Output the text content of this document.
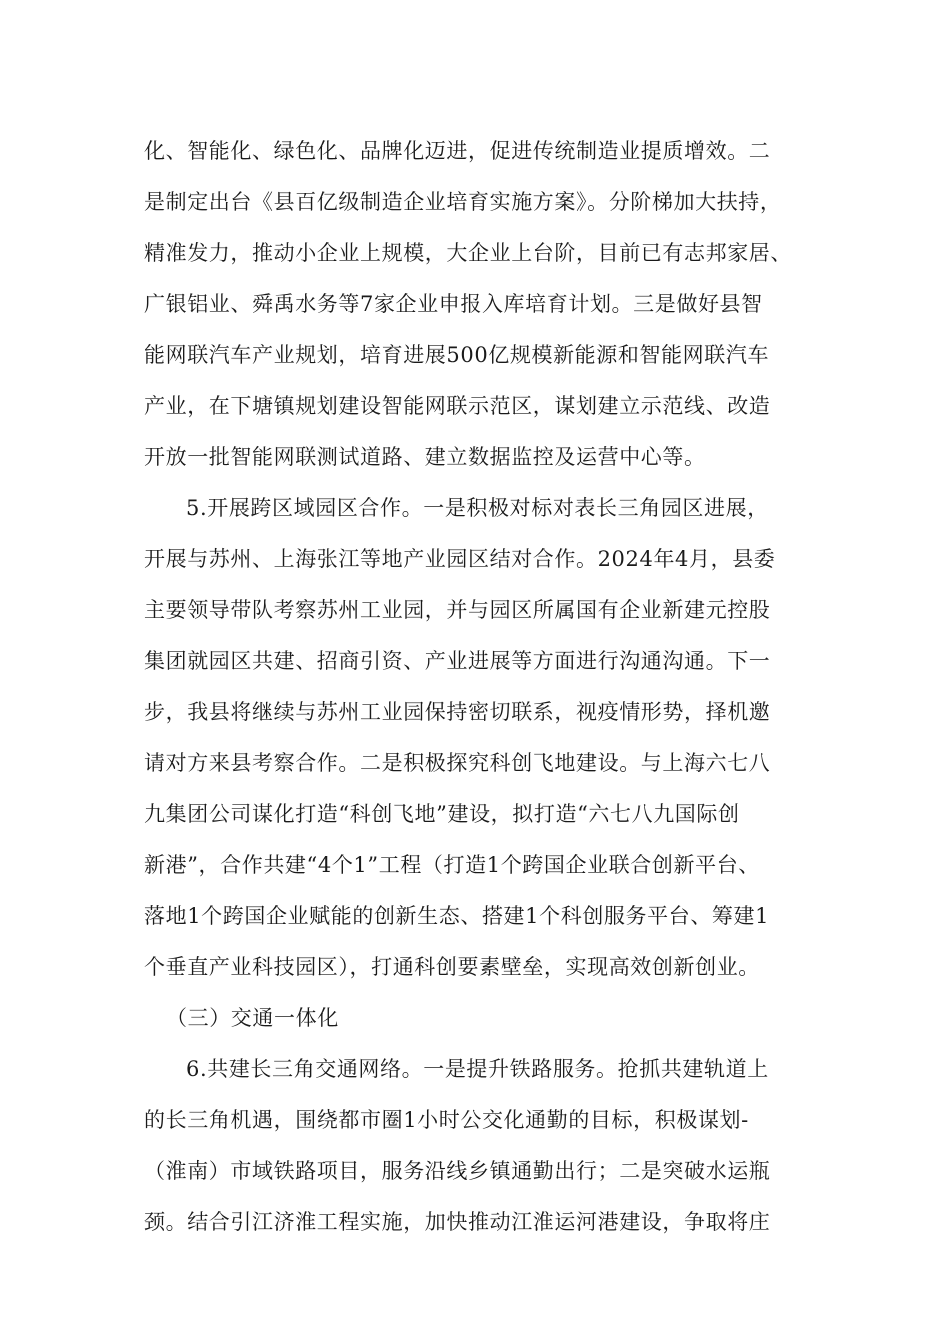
化、智能化、绿色化、品牌化迈进，促进传统制造业提质增效。二
是制定出台《县百亿级制造企业培育实施方案》。分阶梯加大扶持，
精准发力，推动小企业上规模，大企业上台阶，目前已有志邦家居、
广银铝业、舜禹水务等7家企业申报入库培育计划。三是做好县智
能网联汽车产业规划，培育进展500亿规模新能源和智能网联汽车
产业，在下塘镇规划建设智能网联示范区，谋划建立示范线、改造
开放一批智能网联测试道路、建立数据监控及运营中心等。
5.开展跨区域园区合作。一是积极对标对表长三角园区进展，
开展与苏州、上海张江等地产业园区结对合作。2024年4月，县委
主要领导带队考察苏州工业园，并与园区所属国有企业新建元控股
集团就园区共建、招商引资、产业进展等方面进行沟通沟通。下一
步，我县将继续与苏州工业园保持密切联系，视疫情形势，择机邀
请对方来县考察合作。二是积极探究科创飞地建设。与上海六七八
九集团公司谋化打造“科创飞地”建设，拟打造“六七八九国际创
新港”，合作共建“4个1”工程（打造1个跨国企业联合创新平台、
落地1个跨国企业赋能的创新生态、搭建1个科创服务平台、筹建1
个垂直产业科技园区），打通科创要素壁垒，实现高效创新创业。
（三）交通一体化
6.共建长三角交通网络。一是提升铁路服务。抢抓共建轨道上
的长三角机遇，围绕都市圈1小时公交化通勤的目标，积极谋划-
（淮南）市域铁路项目，服务沿线乡镇通勤出行；二是突破水运瓶
颈。结合引江济淮工程实施，加快推动江淮运河港建设，争取将庄
